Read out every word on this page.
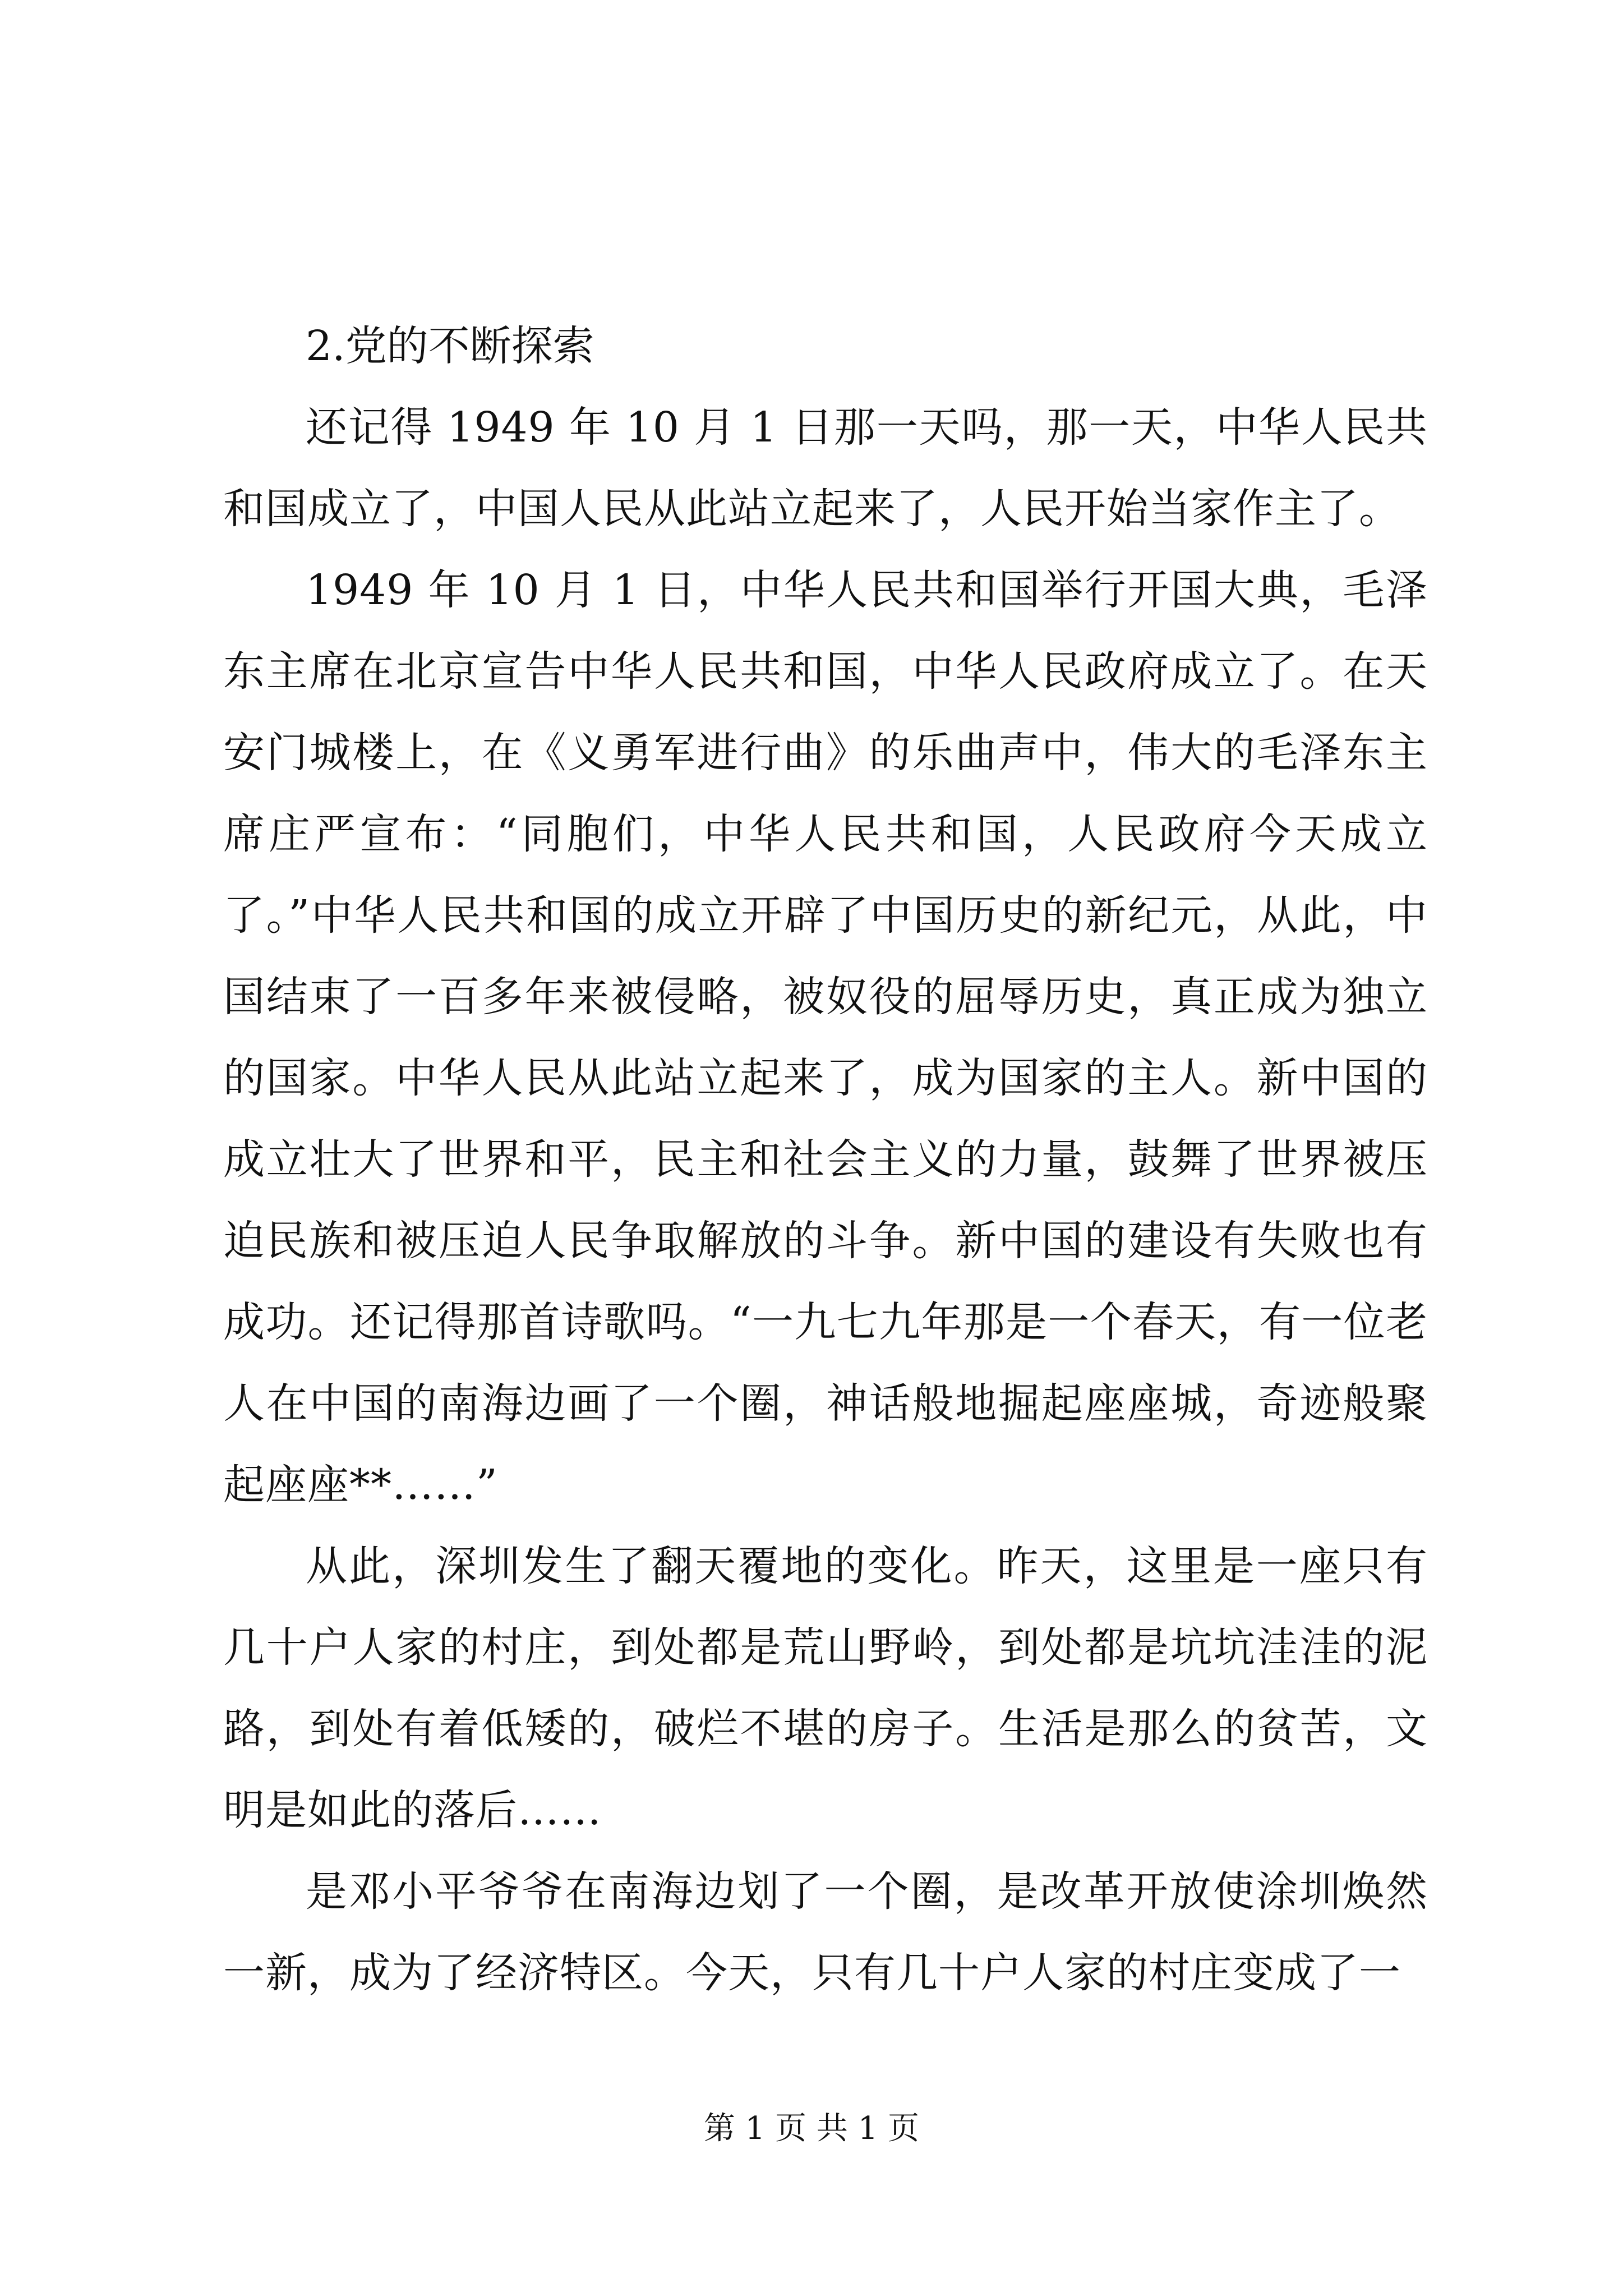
2.党的不断探索

还记得 1949 年 10 月 1 日那一天吗，那一天，中华人民共和国成立了，中国人民从此站立起来了，人民开始当家作主了。

1949 年 10 月 1 日，中华人民共和国举行开国大典，毛泽东主席在北京宣告中华人民共和国，中华人民政府成立了。在天安门城楼上，在《义勇军进行曲》的乐曲声中，伟大的毛泽东主席庄严宣布：“同胞们，中华人民共和国，人民政府今天成立了。”中华人民共和国的成立开辟了中国历史的新纪元，从此，中国结束了一百多年来被侵略，被奴役的屈辱历史，真正成为独立的国家。中华人民从此站立起来了，成为国家的主人。新中国的成立壮大了世界和平，民主和社会主义的力量，鼓舞了世界被压迫民族和被压迫人民争取解放的斗争。新中国的建设有失败也有成功。还记得那首诗歌吗。“一九七九年那是一个春天，有一位老人在中国的南海边画了一个圈，神话般地掘起座座城，奇迹般聚起座座**……”

从此，深圳发生了翻天覆地的变化。昨天，这里是一座只有几十户人家的村庄，到处都是荒山野岭，到处都是坑坑洼洼的泥路，到处有着低矮的，破烂不堪的房子。生活是那么的贫苦，文明是如此的落后……

是邓小平爷爷在南海边划了一个圈，是改革开放使涂圳焕然一新，成为了经济特区。今天，只有几十户人家的村庄变成了一

第 1 页 共 1 页
